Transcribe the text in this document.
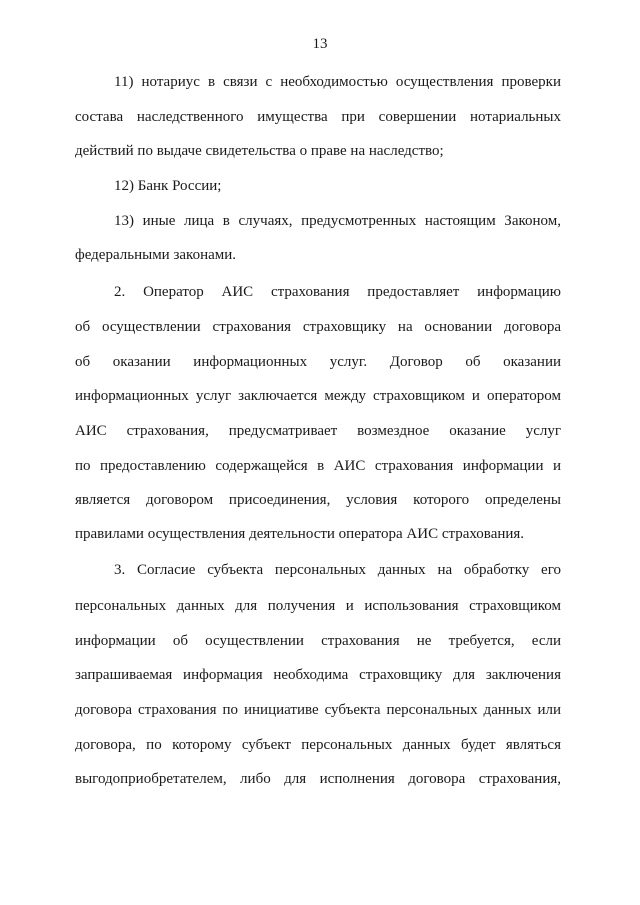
13
11) нотариус в связи с необходимостью осуществления проверки
состава наследственного имущества при совершении нотариальных
действий по выдаче свидетельства о праве на наследство;
12) Банк России;
13) иные лица в случаях, предусмотренных настоящим Законом,
федеральными законами.
2. Оператор АИС страхования предоставляет информацию
об осуществлении страхования страховщику на основании договора
об оказании информационных услуг. Договор об оказании
информационных услуг заключается между страховщиком и оператором
АИС страхования, предусматривает возмездное оказание услуг
по предоставлению содержащейся в АИС страхования информации и
является договором присоединения, условия которого определены
правилами осуществления деятельности оператора АИС страхования.
3. Согласие субъекта персональных данных на обработку его
персональных данных для получения и использования страховщиком
информации об осуществлении страхования не требуется, если
запрашиваемая информация необходима страховщику для заключения
договора страхования по инициативе субъекта персональных данных или
договора, по которому субъект персональных данных будет являться
выгодоприобретателем, либо для исполнения договора страхования,
